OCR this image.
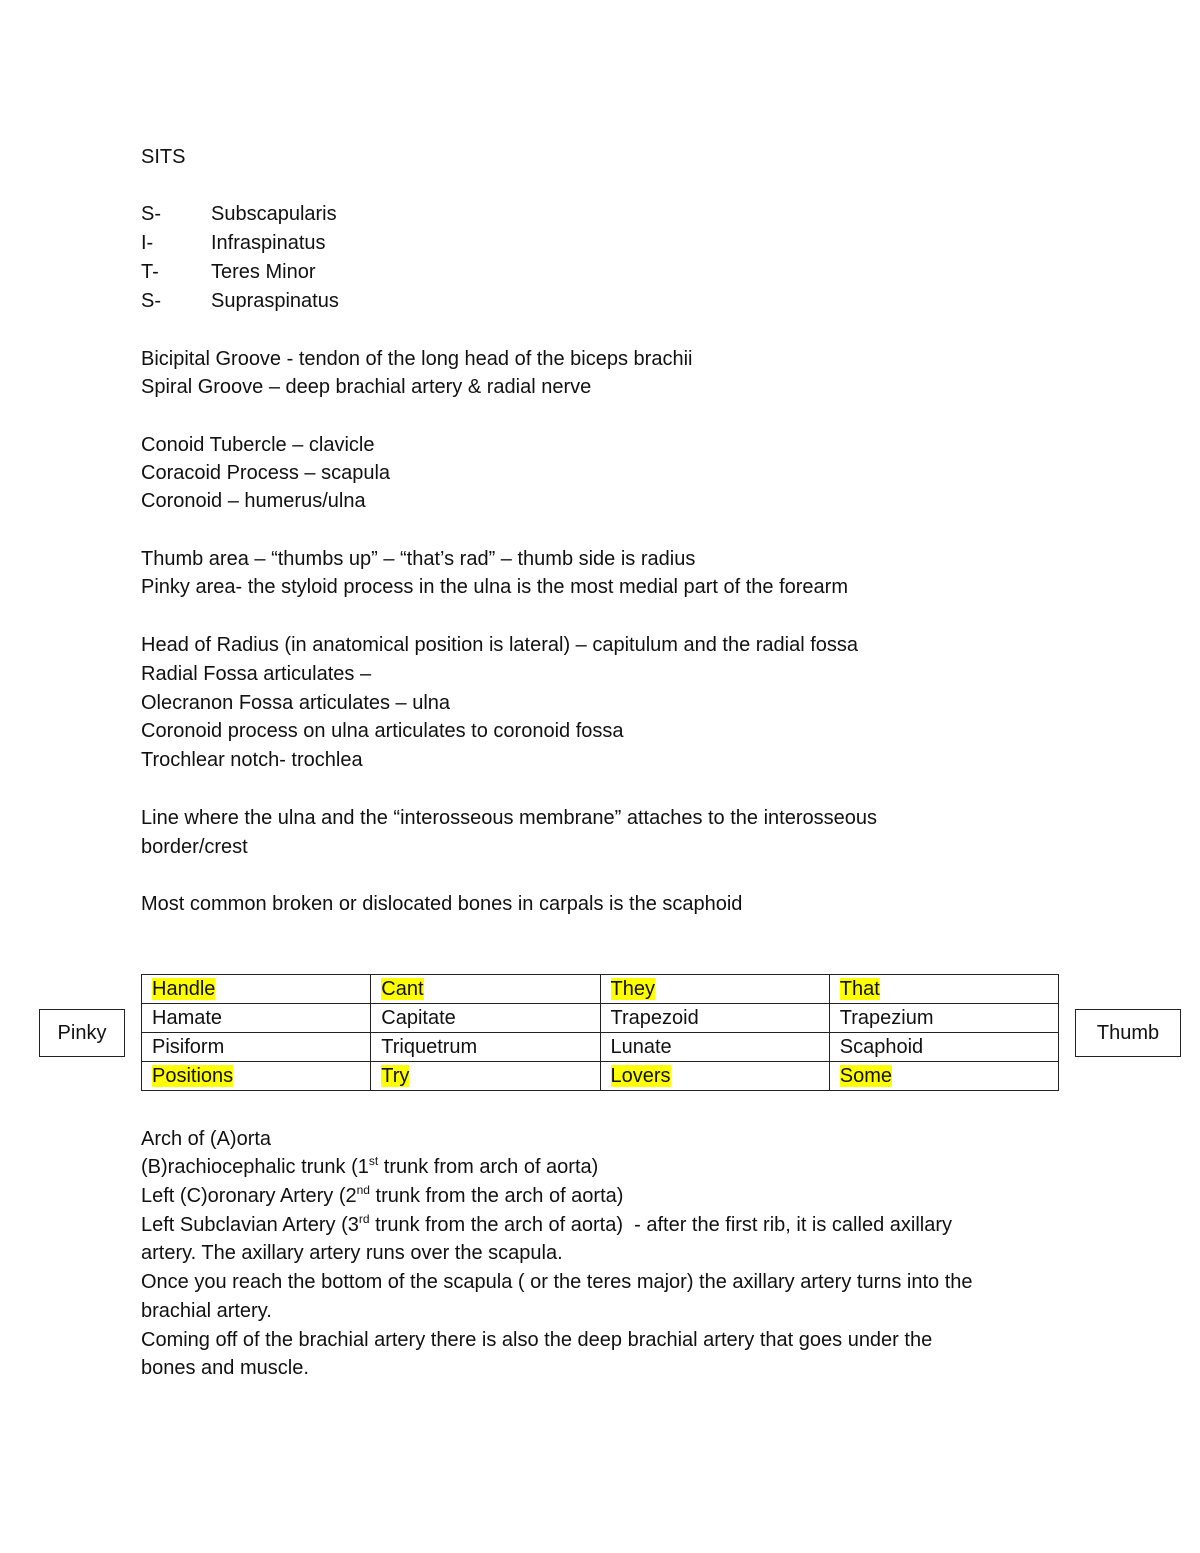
SITS
S-	Subscapularis
I-	Infraspinatus
T-	Teres Minor
S-	Supraspinatus
Bicipital Groove - tendon of the long head of the biceps brachii
Spiral Groove – deep brachial artery & radial nerve
Conoid Tubercle – clavicle
Coracoid Process – scapula
Coronoid – humerus/ulna
Thumb area – “thumbs up” – “that’s rad” – thumb side is radius
Pinky area- the styloid process in the ulna is the most medial part of the forearm
Head of Radius (in anatomical position is lateral) – capitulum and the radial fossa
Radial Fossa articulates –
Olecranon Fossa articulates – ulna
Coronoid process on ulna articulates to coronoid fossa
Trochlear notch- trochlea
Line where the ulna and the “interosseous membrane” attaches to the interosseous
border/crest
Most common broken or dislocated bones in carpals is the scaphoid
Pinky	Thumb
Handle	Cant	They	That
Hamate	Capitate	Trapezoid	Trapezium
Pisiform	Triquetrum	Lunate	Scaphoid
Positions	Try	Lovers	Some
Arch of (A)orta
(B)rachiocephalic trunk (1st trunk from arch of aorta)
Left (C)oronary Artery (2nd trunk from the arch of aorta)
Left Subclavian Artery (3rd trunk from the arch of aorta)  - after the first rib, it is called axillary
artery. The axillary artery runs over the scapula.
Once you reach the bottom of the scapula ( or the teres major) the axillary artery turns into the
brachial artery.
Coming off of the brachial artery there is also the deep brachial artery that goes under the
bones and muscle.
